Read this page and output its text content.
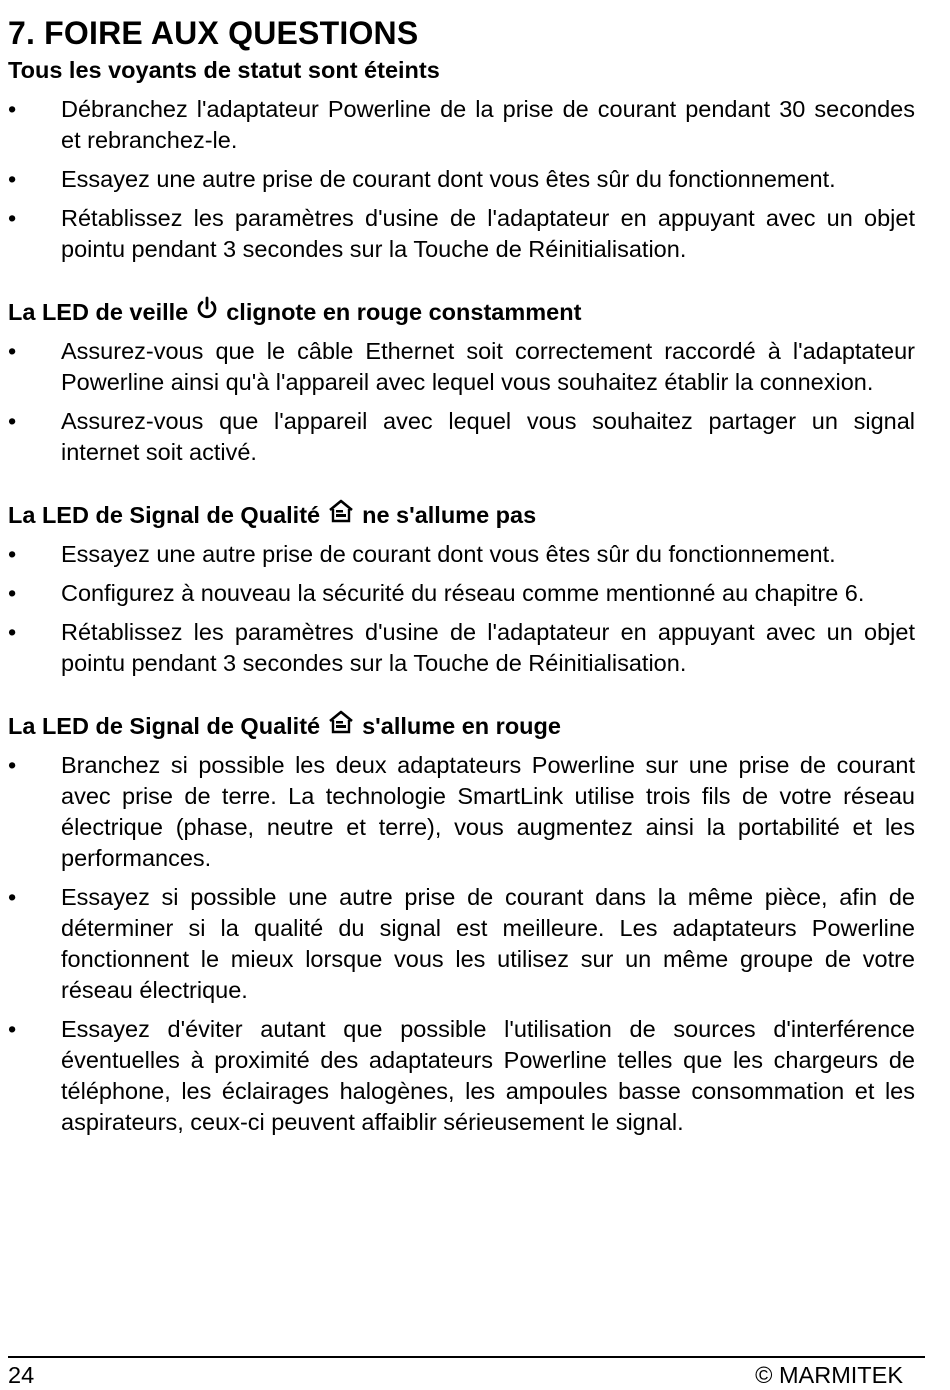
7. FOIRE AUX QUESTIONS
Tous les voyants de statut sont éteints
•	Débranchez l'adaptateur Powerline de la prise de courant pendant 30 secondes et rebranchez-le.
•	Essayez une autre prise de courant dont vous êtes sûr du fonctionnement.
•	Rétablissez les paramètres d'usine de l'adaptateur en appuyant avec un objet pointu pendant 3 secondes sur la Touche de Réinitialisation.
La LED de veille clignote en rouge constamment
•	Assurez-vous que le câble Ethernet soit correctement raccordé à l'adaptateur Powerline ainsi qu'à l'appareil avec lequel vous souhaitez établir la connexion.
•	Assurez-vous que l'appareil avec lequel vous souhaitez partager un signal internet soit activé.
La LED de Signal de Qualité ne s'allume pas
•	Essayez une autre prise de courant dont vous êtes sûr du fonctionnement.
•	Configurez à nouveau la sécurité du réseau comme mentionné au chapitre 6.
•	Rétablissez les paramètres d'usine de l'adaptateur en appuyant avec un objet pointu pendant 3 secondes sur la Touche de Réinitialisation.
La LED de Signal de Qualité s'allume en rouge
•	Branchez si possible les deux adaptateurs Powerline sur une prise de courant avec prise de terre. La technologie SmartLink utilise trois fils de votre réseau électrique (phase, neutre et terre), vous augmentez ainsi la portabilité et les performances.
•	Essayez si possible une autre prise de courant dans la même pièce, afin de déterminer si la qualité du signal est meilleure. Les adaptateurs Powerline fonctionnent le mieux lorsque vous les utilisez sur un même groupe de votre réseau électrique.
•	Essayez d'éviter autant que possible l'utilisation de sources d'interférence éventuelles à proximité des adaptateurs Powerline telles que les chargeurs de téléphone, les éclairages halogènes, les ampoules basse consommation et les aspirateurs, ceux-ci peuvent affaiblir sérieusement le signal.
24	© MARMITEK
